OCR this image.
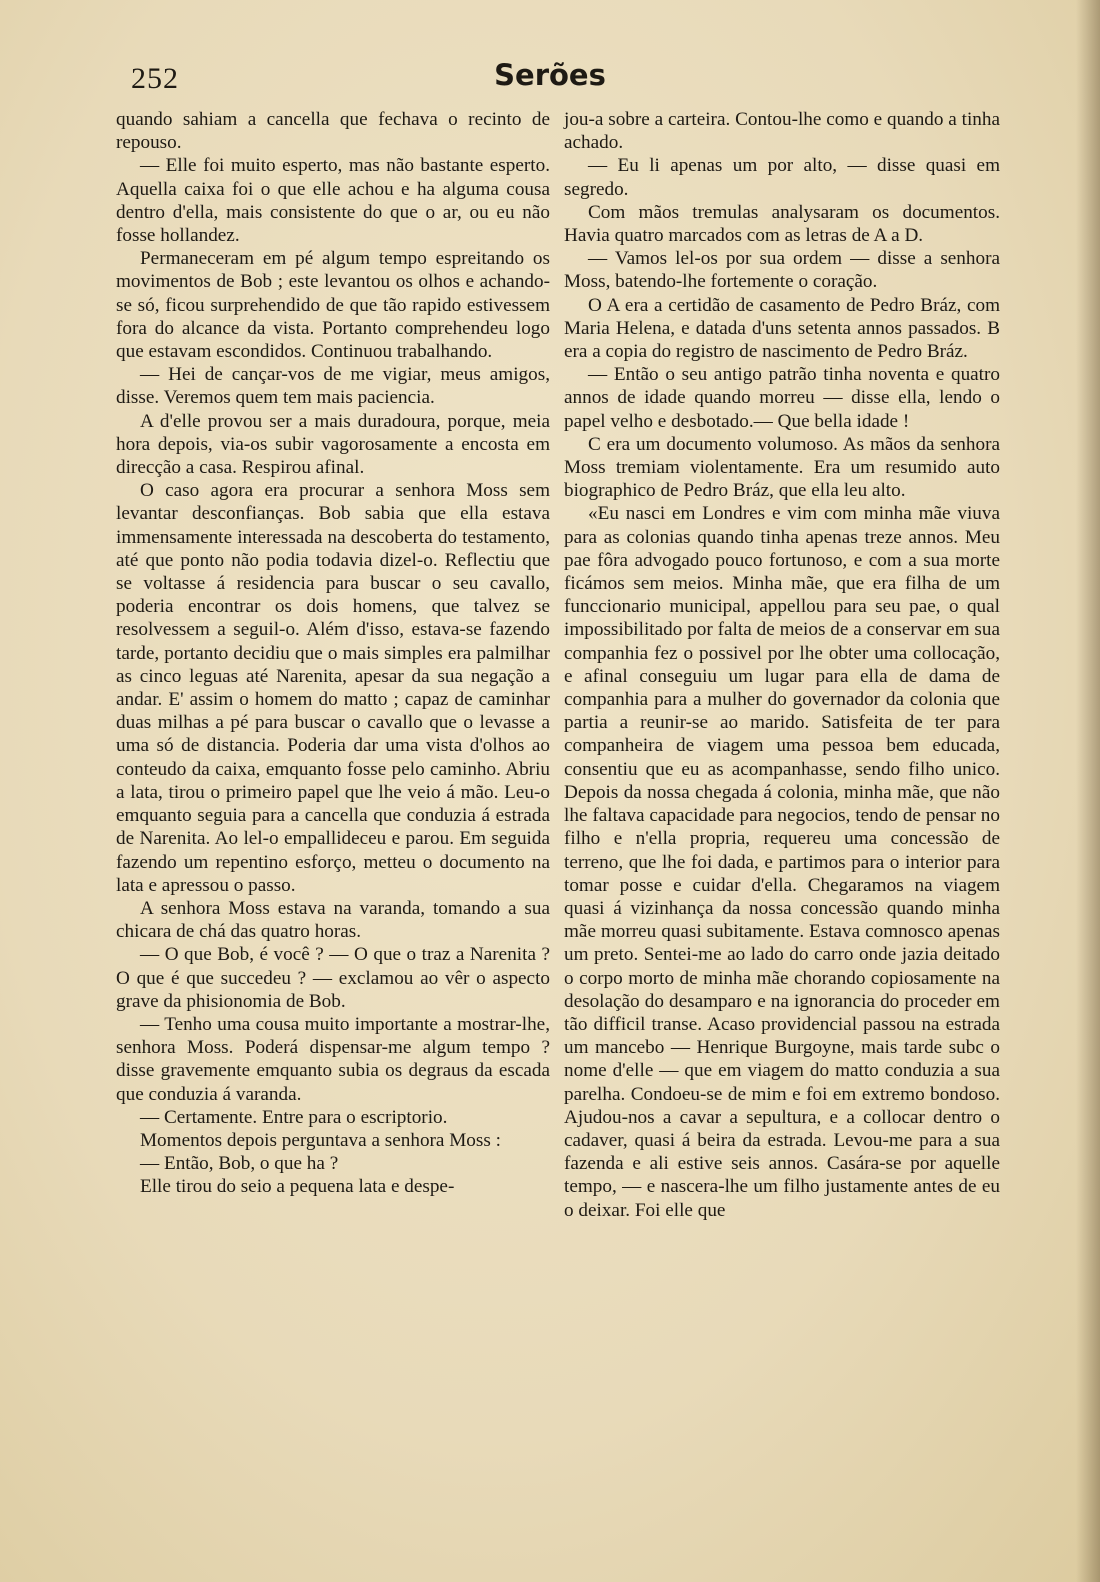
252	Serões

quando sahiam a cancella que fechava o recinto de repouso.

— Elle foi muito esperto, mas não bastante esperto. Aquella caixa foi o que elle achou e ha alguma cousa dentro d'ella, mais consistente do que o ar, ou eu não fosse hollandez.

Permaneceram em pé algum tempo espreitando os movimentos de Bob ; este levantou os olhos e achando-se só, ficou surprehendido de que tão rapido estivessem fora do alcance da vista. Portanto comprehendeu logo que estavam escondidos. Continuou trabalhando.

— Hei de cançar-vos de me vigiar, meus amigos, disse. Veremos quem tem mais paciencia.

A d'elle provou ser a mais duradoura, porque, meia hora depois, via-os subir vagorosamente a encosta em direcção a casa. Respirou afinal.

O caso agora era procurar a senhora Moss sem levantar desconfianças. Bob sabia que ella estava immensamente interessada na descoberta do testamento, até que ponto não podia todavia dizel-o. Reflectiu que se voltasse á residencia para buscar o seu cavallo, poderia encontrar os dois homens, que talvez se resolvessem a seguil-o. Além d'isso, estava-se fazendo tarde, portanto decidiu que o mais simples era palmilhar as cinco leguas até Narenita, apesar da sua negação a andar. E' assim o homem do matto ; capaz de caminhar duas milhas a pé para buscar o cavallo que o levasse a uma só de distancia. Poderia dar uma vista d'olhos ao conteudo da caixa, emquanto fosse pelo caminho. Abriu a lata, tirou o primeiro papel que lhe veio á mão. Leu-o emquanto seguia para a cancella que conduzia á estrada de Narenita. Ao lel-o empallideceu e parou. Em seguida fazendo um repentino esforço, metteu o documento na lata e apressou o passo.

A senhora Moss estava na varanda, tomando a sua chicara de chá das quatro horas.

— O que Bob, é você ? — O que o traz a Narenita ? O que é que succedeu ? — exclamou ao vêr o aspecto grave da phisionomia de Bob.

— Tenho uma cousa muito importante a mostrar-lhe, senhora Moss. Poderá dispensar-me algum tempo ? disse gravemente emquanto subia os degraus da escada que conduzia á varanda.

— Certamente. Entre para o escriptorio.

Momentos depois perguntava a senhora Moss :

— Então, Bob, o que ha ?

Elle tirou do seio a pequena lata e despe-

jou-a sobre a carteira. Contou-lhe como e quando a tinha achado.

— Eu li apenas um por alto, — disse quasi em segredo.

Com mãos tremulas analysaram os documentos. Havia quatro marcados com as letras de A a D.

— Vamos lel-os por sua ordem — disse a senhora Moss, batendo-lhe fortemente o coração.

O A era a certidão de casamento de Pedro Bráz, com Maria Helena, e datada d'uns setenta annos passados. B era a copia do registro de nascimento de Pedro Bráz.

— Então o seu antigo patrão tinha noventa e quatro annos de idade quando morreu — disse ella, lendo o papel velho e desbotado.— Que bella idade !

C era um documento volumoso. As mãos da senhora Moss tremiam violentamente. Era um resumido auto biographico de Pedro Bráz, que ella leu alto.

«Eu nasci em Londres e vim com minha mãe viuva para as colonias quando tinha apenas treze annos. Meu pae fôra advogado pouco fortunoso, e com a sua morte ficámos sem meios. Minha mãe, que era filha de um funccionario municipal, appellou para seu pae, o qual impossibilitado por falta de meios de a conservar em sua companhia fez o possivel por lhe obter uma collocação, e afinal conseguiu um lugar para ella de dama de companhia para a mulher do governador da colonia que partia a reunir-se ao marido. Satisfeita de ter para companheira de viagem uma pessoa bem educada, consentiu que eu as acompanhasse, sendo filho unico. Depois da nossa chegada á colonia, minha mãe, que não lhe faltava capacidade para negocios, tendo de pensar no filho e n'ella propria, requereu uma concessão de terreno, que lhe foi dada, e partimos para o interior para tomar posse e cuidar d'ella. Chegaramos na viagem quasi á vizinhança da nossa concessão quando minha mãe morreu quasi subitamente. Estava comnosco apenas um preto. Sentei-me ao lado do carro onde jazia deitado o corpo morto de minha mãe chorando copiosamente na desolação do desamparo e na ignorancia do proceder em tão difficil transe. Acaso providencial passou na estrada um mancebo — Henrique Burgoyne, mais tarde subc o nome d'elle — que em viagem do matto conduzia a sua parelha. Condoeu-se de mim e foi em extremo bondoso. Ajudou-nos a cavar a sepultura, e a collocar dentro o cadaver, quasi á beira da estrada. Levou-me para a sua fazenda e ali estive seis annos. Casára-se por aquelle tempo, — e nascera-lhe um filho justamente antes de eu o deixar. Foi elle que
